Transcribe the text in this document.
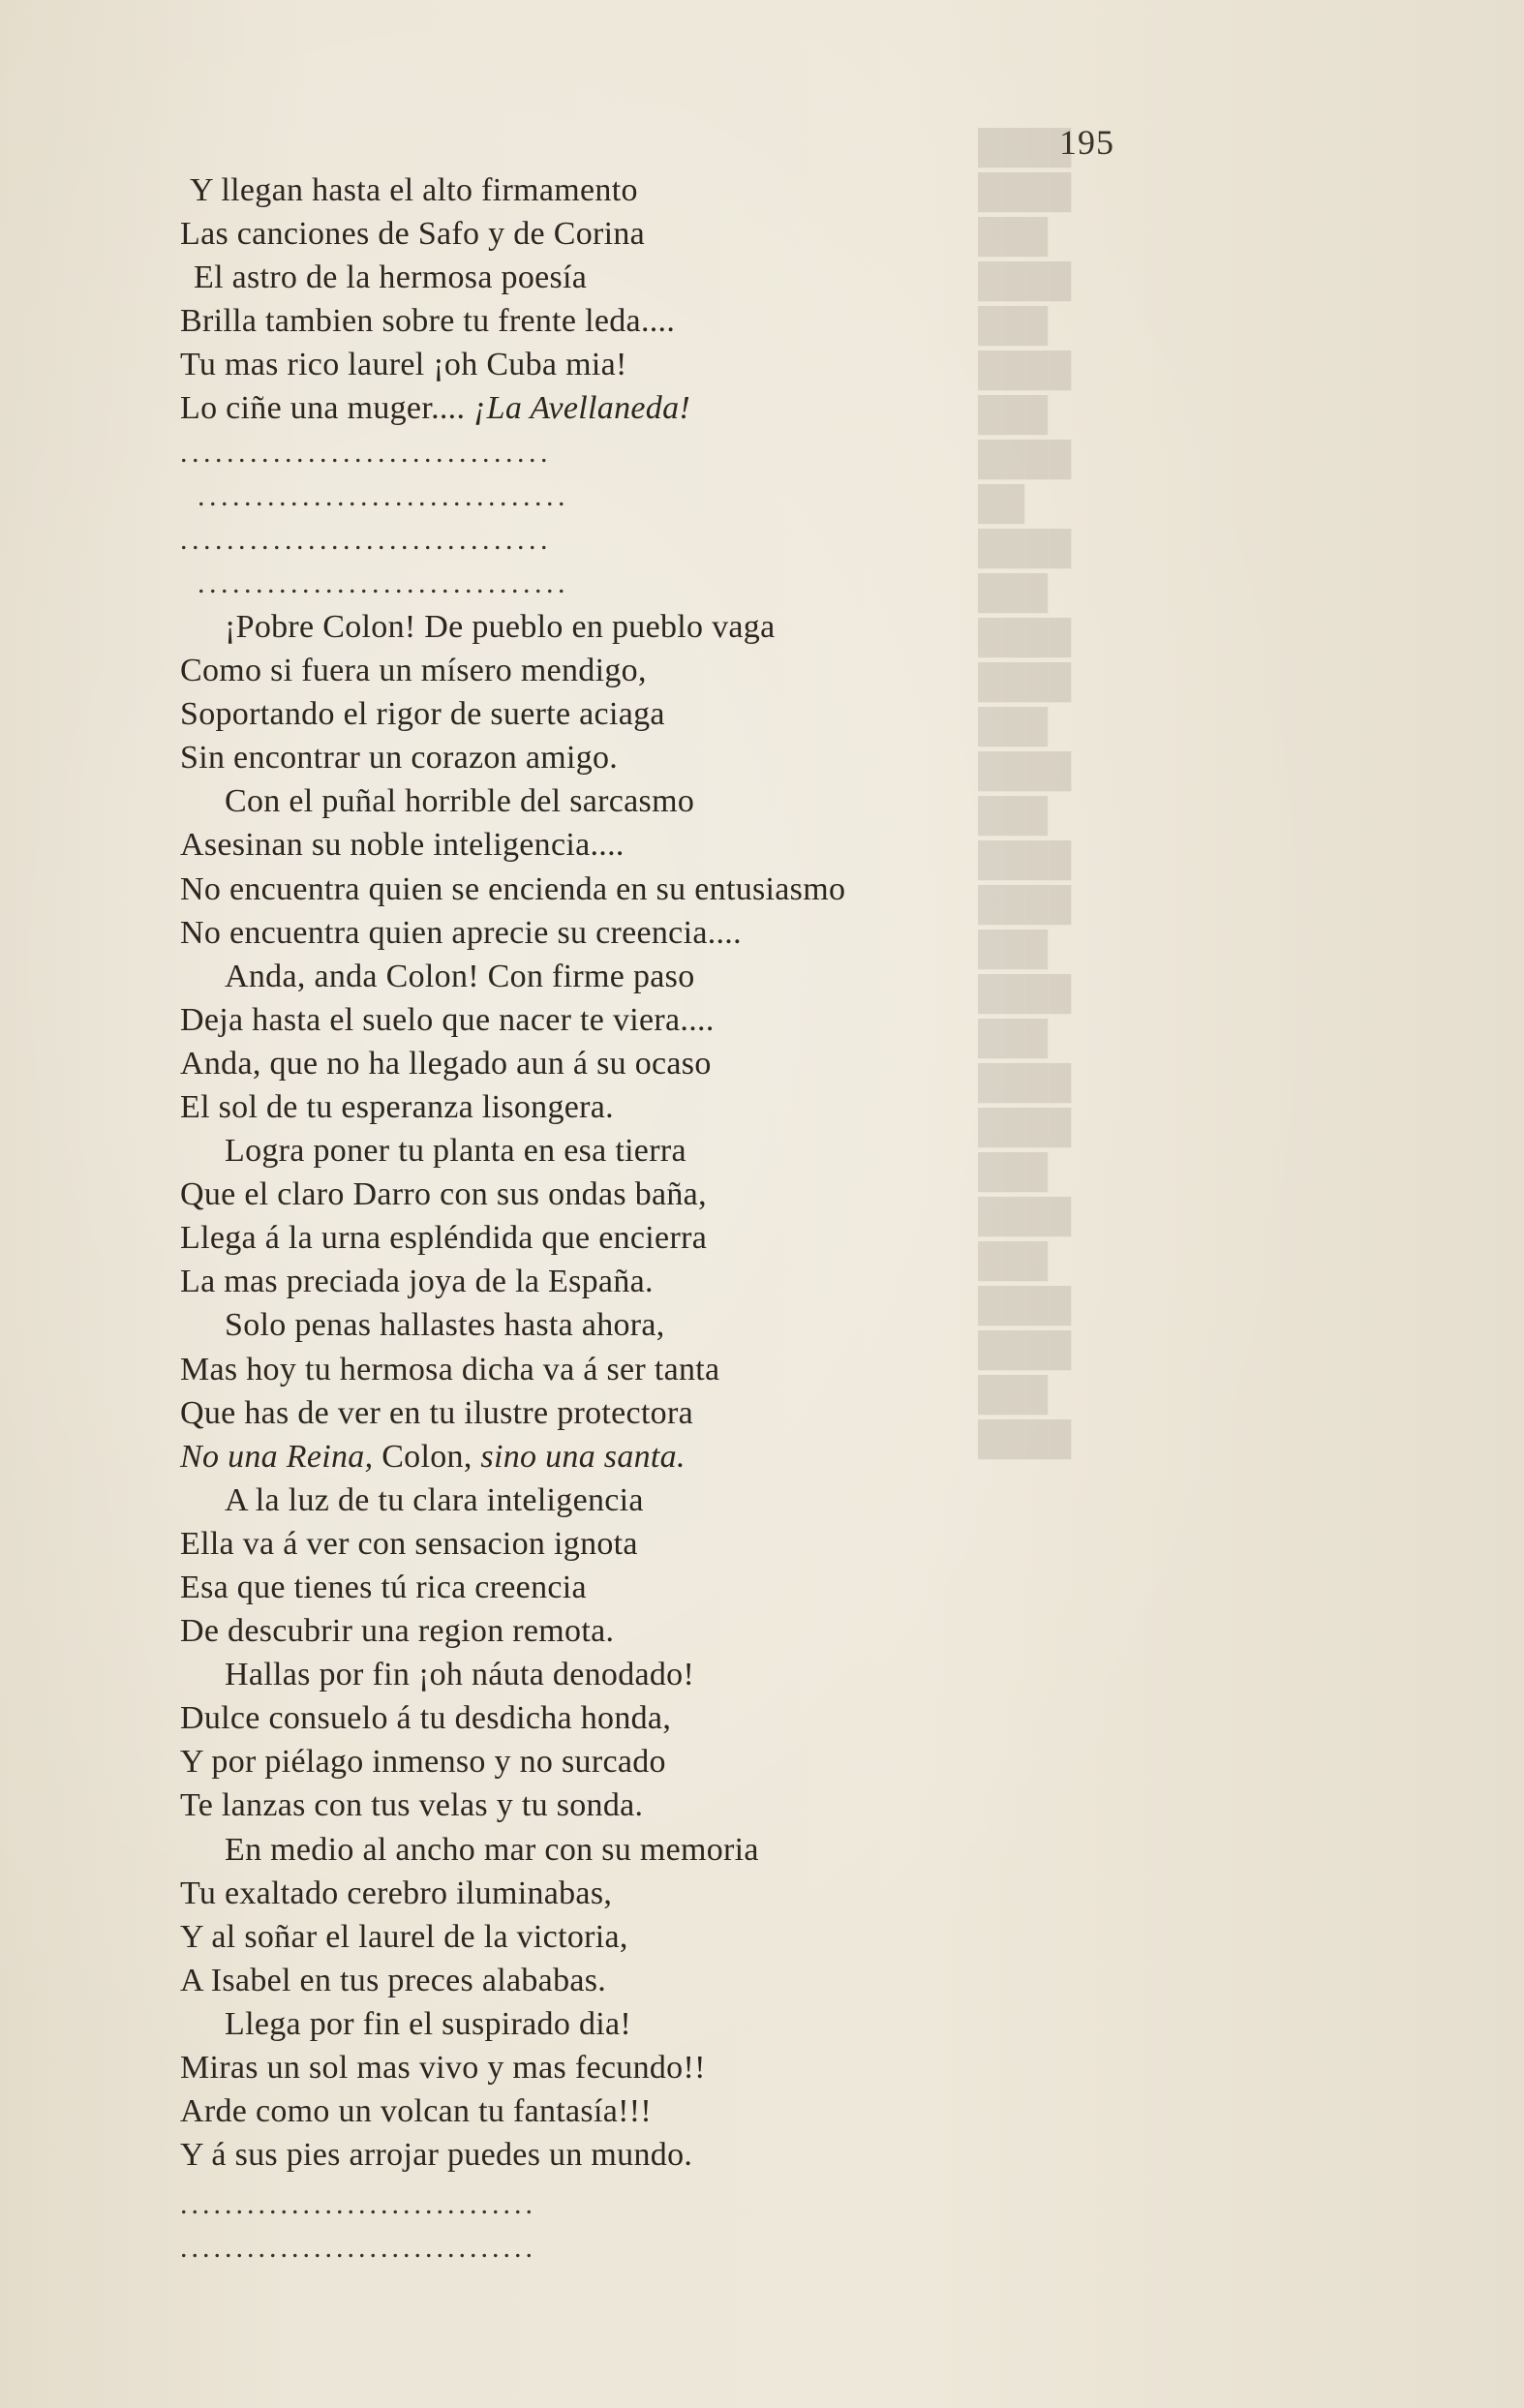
████
████
███
████
███
████
███
████
██
████
███
████
████
███
████
███
████
████
███
████
███
████
████
███
████
███
████
████
███
████
195
Y llegan hasta el alto firmamento
Las canciones de Safo y de Corina
El astro de la hermosa poesía
Brilla tambien sobre tu frente leda....
Tu mas rico laurel ¡oh Cuba mia!
Lo ciñe una muger.... ¡La Avellaneda!
................................
................................
................................
................................
¡Pobre Colon! De pueblo en pueblo vaga
Como si fuera un mísero mendigo,
Soportando el rigor de suerte aciaga
Sin encontrar un corazon amigo.
Con el puñal horrible del sarcasmo
Asesinan su noble inteligencia....
No encuentra quien se encienda en su entusiasmo
No encuentra quien aprecie su creencia....
Anda, anda Colon! Con firme paso
Deja hasta el suelo que nacer te viera....
Anda, que no ha llegado aun á su ocaso
El sol de tu esperanza lisongera.
Logra poner tu planta en esa tierra
Que el claro Darro con sus ondas baña,
Llega á la urna espléndida que encierra
La mas preciada joya de la España.
Solo penas hallastes hasta ahora,
Mas hoy tu hermosa dicha va á ser tanta
Que has de ver en tu ilustre protectora
No una Reina, Colon, sino una santa.
A la luz de tu clara inteligencia
Ella va á ver con sensacion ignota
Esa que tienes tú rica creencia
De descubrir una region remota.
Hallas por fin ¡oh náuta denodado!
Dulce consuelo á tu desdicha honda,
Y por piélago inmenso y no surcado
Te lanzas con tus velas y tu sonda.
En medio al ancho mar con su memoria
Tu exaltado cerebro iluminabas,
Y al soñar el laurel de la victoria,
A Isabel en tus preces alababas.
Llega por fin el suspirado dia!
Miras un sol mas vivo y mas fecundo!!
Arde como un volcan tu fantasía!!!
Y á sus pies arrojar puedes un mundo.
................................
................................
